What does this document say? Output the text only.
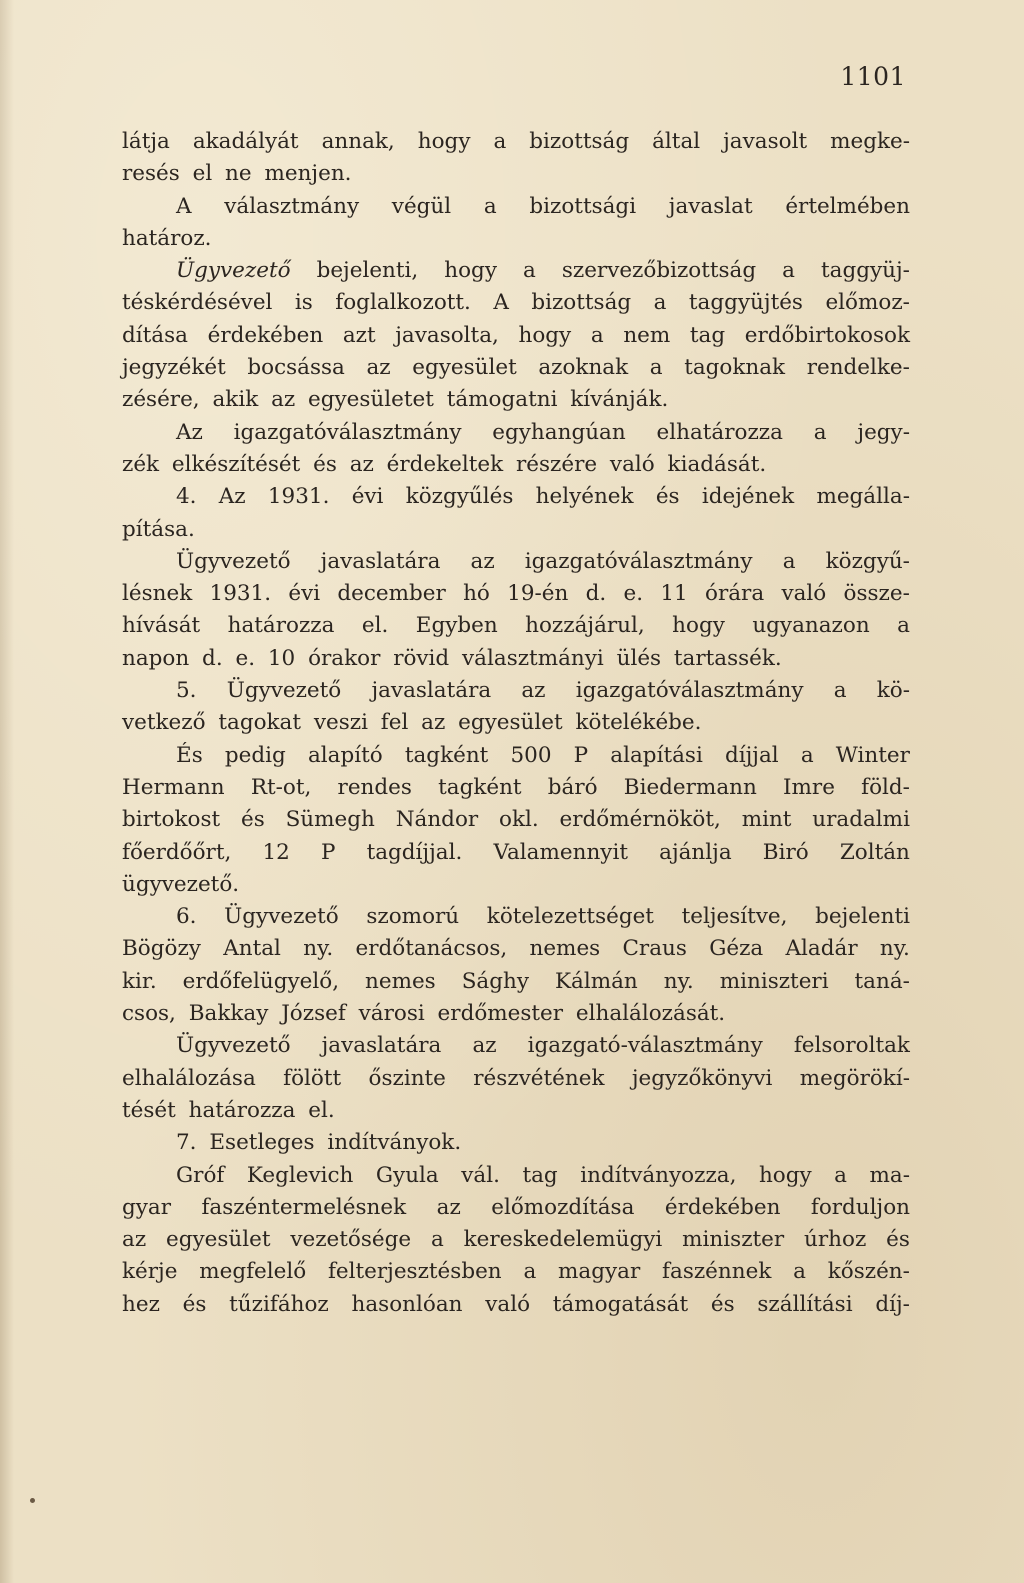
1101
látja akadályát annak, hogy a bizottság által javasolt megke-
resés el ne menjen.
A választmány végül a bizottsági javaslat értelmében
határoz.
Ügyvezető bejelenti, hogy a szervezőbizottság a taggyüj-
téskérdésével is foglalkozott. A bizottság a taggyüjtés előmoz-
dítása érdekében azt javasolta, hogy a nem tag erdőbirtokosok
jegyzékét bocsássa az egyesület azoknak a tagoknak rendelke-
zésére, akik az egyesületet támogatni kívánják.
Az igazgatóválasztmány egyhangúan elhatározza a jegy-
zék elkészítését és az érdekeltek részére való kiadását.
4. Az 1931. évi közgyűlés helyének és idejének megálla-
pítása.
Ügyvezető javaslatára az igazgatóválasztmány a közgyű-
lésnek 1931. évi december hó 19-én d. e. 11 órára való össze-
hívását határozza el. Egyben hozzájárul, hogy ugyanazon a
napon d. e. 10 órakor rövid választmányi ülés tartassék.
5. Ügyvezető javaslatára az igazgatóválasztmány a kö-
vetkező tagokat veszi fel az egyesület kötelékébe.
És pedig alapító tagként 500 P alapítási díjjal a Winter
Hermann Rt-ot, rendes tagként báró Biedermann Imre föld-
birtokost és Sümegh Nándor okl. erdőmérnököt, mint uradalmi
főerdőőrt, 12 P tagdíjjal. Valamennyit ajánlja Biró Zoltán
ügyvezető.
6. Ügyvezető szomorú kötelezettséget teljesítve, bejelenti
Bögözy Antal ny. erdőtanácsos, nemes Craus Géza Aladár ny.
kir. erdőfelügyelő, nemes Sághy Kálmán ny. miniszteri taná-
csos, Bakkay József városi erdőmester elhalálozását.
Ügyvezető javaslatára az igazgató-választmány felsoroltak
elhalálozása fölött őszinte részvétének jegyzőkönyvi megörökí-
tését határozza el.
7. Esetleges indítványok.
Gróf Keglevich Gyula vál. tag indítványozza, hogy a ma-
gyar faszéntermelésnek az előmozdítása érdekében forduljon
az egyesület vezetősége a kereskedelemügyi miniszter úrhoz és
kérje megfelelő felterjesztésben a magyar faszénnek a kőszén-
hez és tűzifához hasonlóan való támogatását és szállítási díj-
